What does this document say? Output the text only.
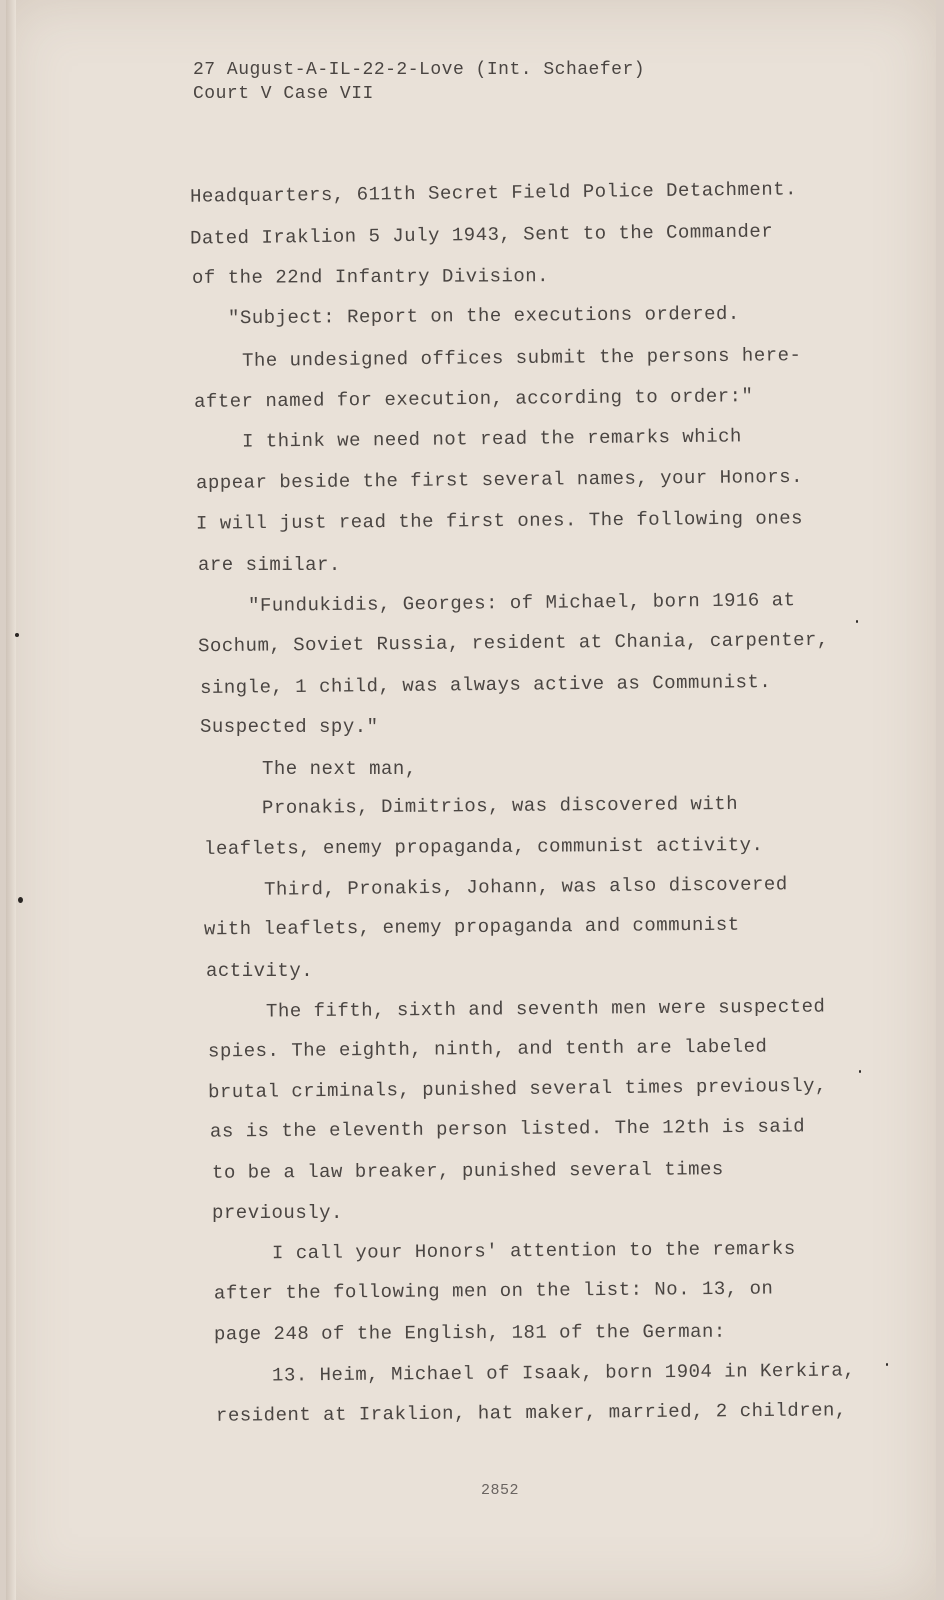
27 August-A-IL-22-2-Love (Int. Schaefer)

Court V Case VII

Headquarters, 611th Secret Field Police Detachment.

Dated Iraklion 5 July 1943, Sent to the Commander

of the 22nd Infantry Division.

"Subject: Report on the executions ordered.

The undesigned offices submit the persons here-

after named for execution, according to order:"

I think we need not read the remarks which

appear beside the first several names, your Honors.

I will just read the first ones. The following ones

are similar.

"Fundukidis, Georges: of Michael, born 1916 at

Sochum, Soviet Russia, resident at Chania, carpenter,

single, 1 child, was always active as Communist.

Suspected spy."

The next man,

Pronakis, Dimitrios, was discovered with

leaflets, enemy propaganda, communist activity.

Third, Pronakis, Johann, was also discovered

with leaflets, enemy propaganda and communist

activity.

The fifth, sixth and seventh men were suspected

spies. The eighth, ninth, and tenth are labeled

brutal criminals, punished several times previously,

as is the eleventh person listed. The 12th is said

to be a law breaker, punished several times

previously.

I call your Honors' attention to the remarks

after the following men on the list: No. 13, on

page 248 of the English, 181 of the German:

13. Heim, Michael of Isaak, born 1904 in Kerkira,

resident at Iraklion, hat maker, married, 2 children,

2852
